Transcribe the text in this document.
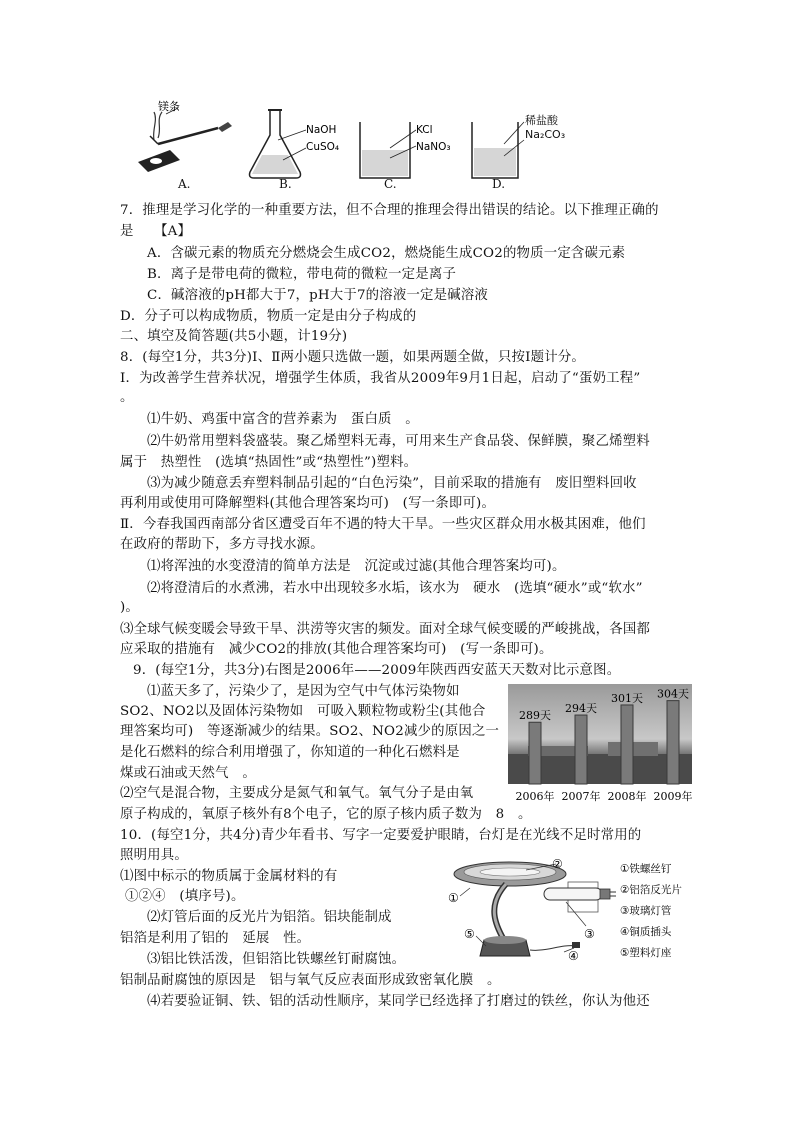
镁条
NaOH
CuSO₄
KCl
NaNO₃
稀盐酸
Na₂CO₃
A.	B.	C.	D.
7．推理是学习化学的一种重要方法，但不合理的推理会得出错误的结论。以下推理正确的
是　　【A】
A．含碳元素的物质充分燃烧会生成CO2，燃烧能生成CO2的物质一定含碳元素
B．离子是带电荷的微粒，带电荷的微粒一定是离子
C．碱溶液的pH都大于7，pH大于7的溶液一定是碱溶液
D．分子可以构成物质，物质一定是由分子构成的
二、填空及简答题(共5小题，计19分)
8．(每空1分，共3分)Ⅰ、Ⅱ两小题只选做一题，如果两题全做，只按Ⅰ题计分。
Ⅰ．为改善学生营养状况，增强学生体质，我省从2009年9月1日起，启动了“蛋奶工程”
。
⑴牛奶、鸡蛋中富含的营养素为　蛋白质　。
⑵牛奶常用塑料袋盛装。聚乙烯塑料无毒，可用来生产食品袋、保鲜膜，聚乙烯塑料
属于　热塑性　(选填“热固性”或“热塑性”)塑料。
⑶为减少随意丢弃塑料制品引起的“白色污染”，目前采取的措施有　废旧塑料回收
再利用或使用可降解塑料(其他合理答案均可)　(写一条即可)。
Ⅱ．今春我国西南部分省区遭受百年不遇的特大干旱。一些灾区群众用水极其困难，他们
在政府的帮助下，多方寻找水源。
⑴将浑浊的水变澄清的简单方法是　沉淀或过滤(其他合理答案均可)。
⑵将澄清后的水煮沸，若水中出现较多水垢，该水为　硬水　(选填“硬水”或“软水”
)。
⑶全球气候变暖会导致干旱、洪涝等灾害的频发。面对全球气候变暖的严峻挑战，各国都
应采取的措施有　减少CO2的排放(其他合理答案均可)　(写一条即可)。
9．(每空1分，共3分)右图是2006年——2009年陕西西安蓝天天数对比示意图。
⑴蓝天多了，污染少了，是因为空气中气体污染物如
SO2、NO2以及固体污染物如　可吸入颗粒物或粉尘(其他合
理答案均可)　等逐渐减少的结果。SO2、NO2减少的原因之一
是化石燃料的综合利用增强了，你知道的一种化石燃料是
煤或石油或天然气　。
⑵空气是混合物，主要成分是氮气和氧气。氧气分子是由氧
原子构成的，氧原子核外有8个电子，它的原子核内质子数为　8　。
10．(每空1分，共4分)青少年看书、写字一定要爱护眼睛，台灯是在光线不足时常用的
照明用具。
⑴图中标示的物质属于金属材料的有
①②④　(填序号)。
⑵灯管后面的反光片为铝箔。铝块能制成
铝箔是利用了铝的　延展　性。
⑶铝比铁活泼，但铝箔比铁螺丝钉耐腐蚀。
铝制品耐腐蚀的原因是　铝与氧气反应表面形成致密氧化膜　。
⑷若要验证铜、铁、铝的活动性顺序，某同学已经选择了打磨过的铁丝，你认为他还
289天
294天
301天 304天
2006年 2007年 2008年 2009年
①
②
③
④
⑤
①铁螺丝钉
②铝箔反光片
③玻璃灯管
④铜质插头
⑤塑料灯座
